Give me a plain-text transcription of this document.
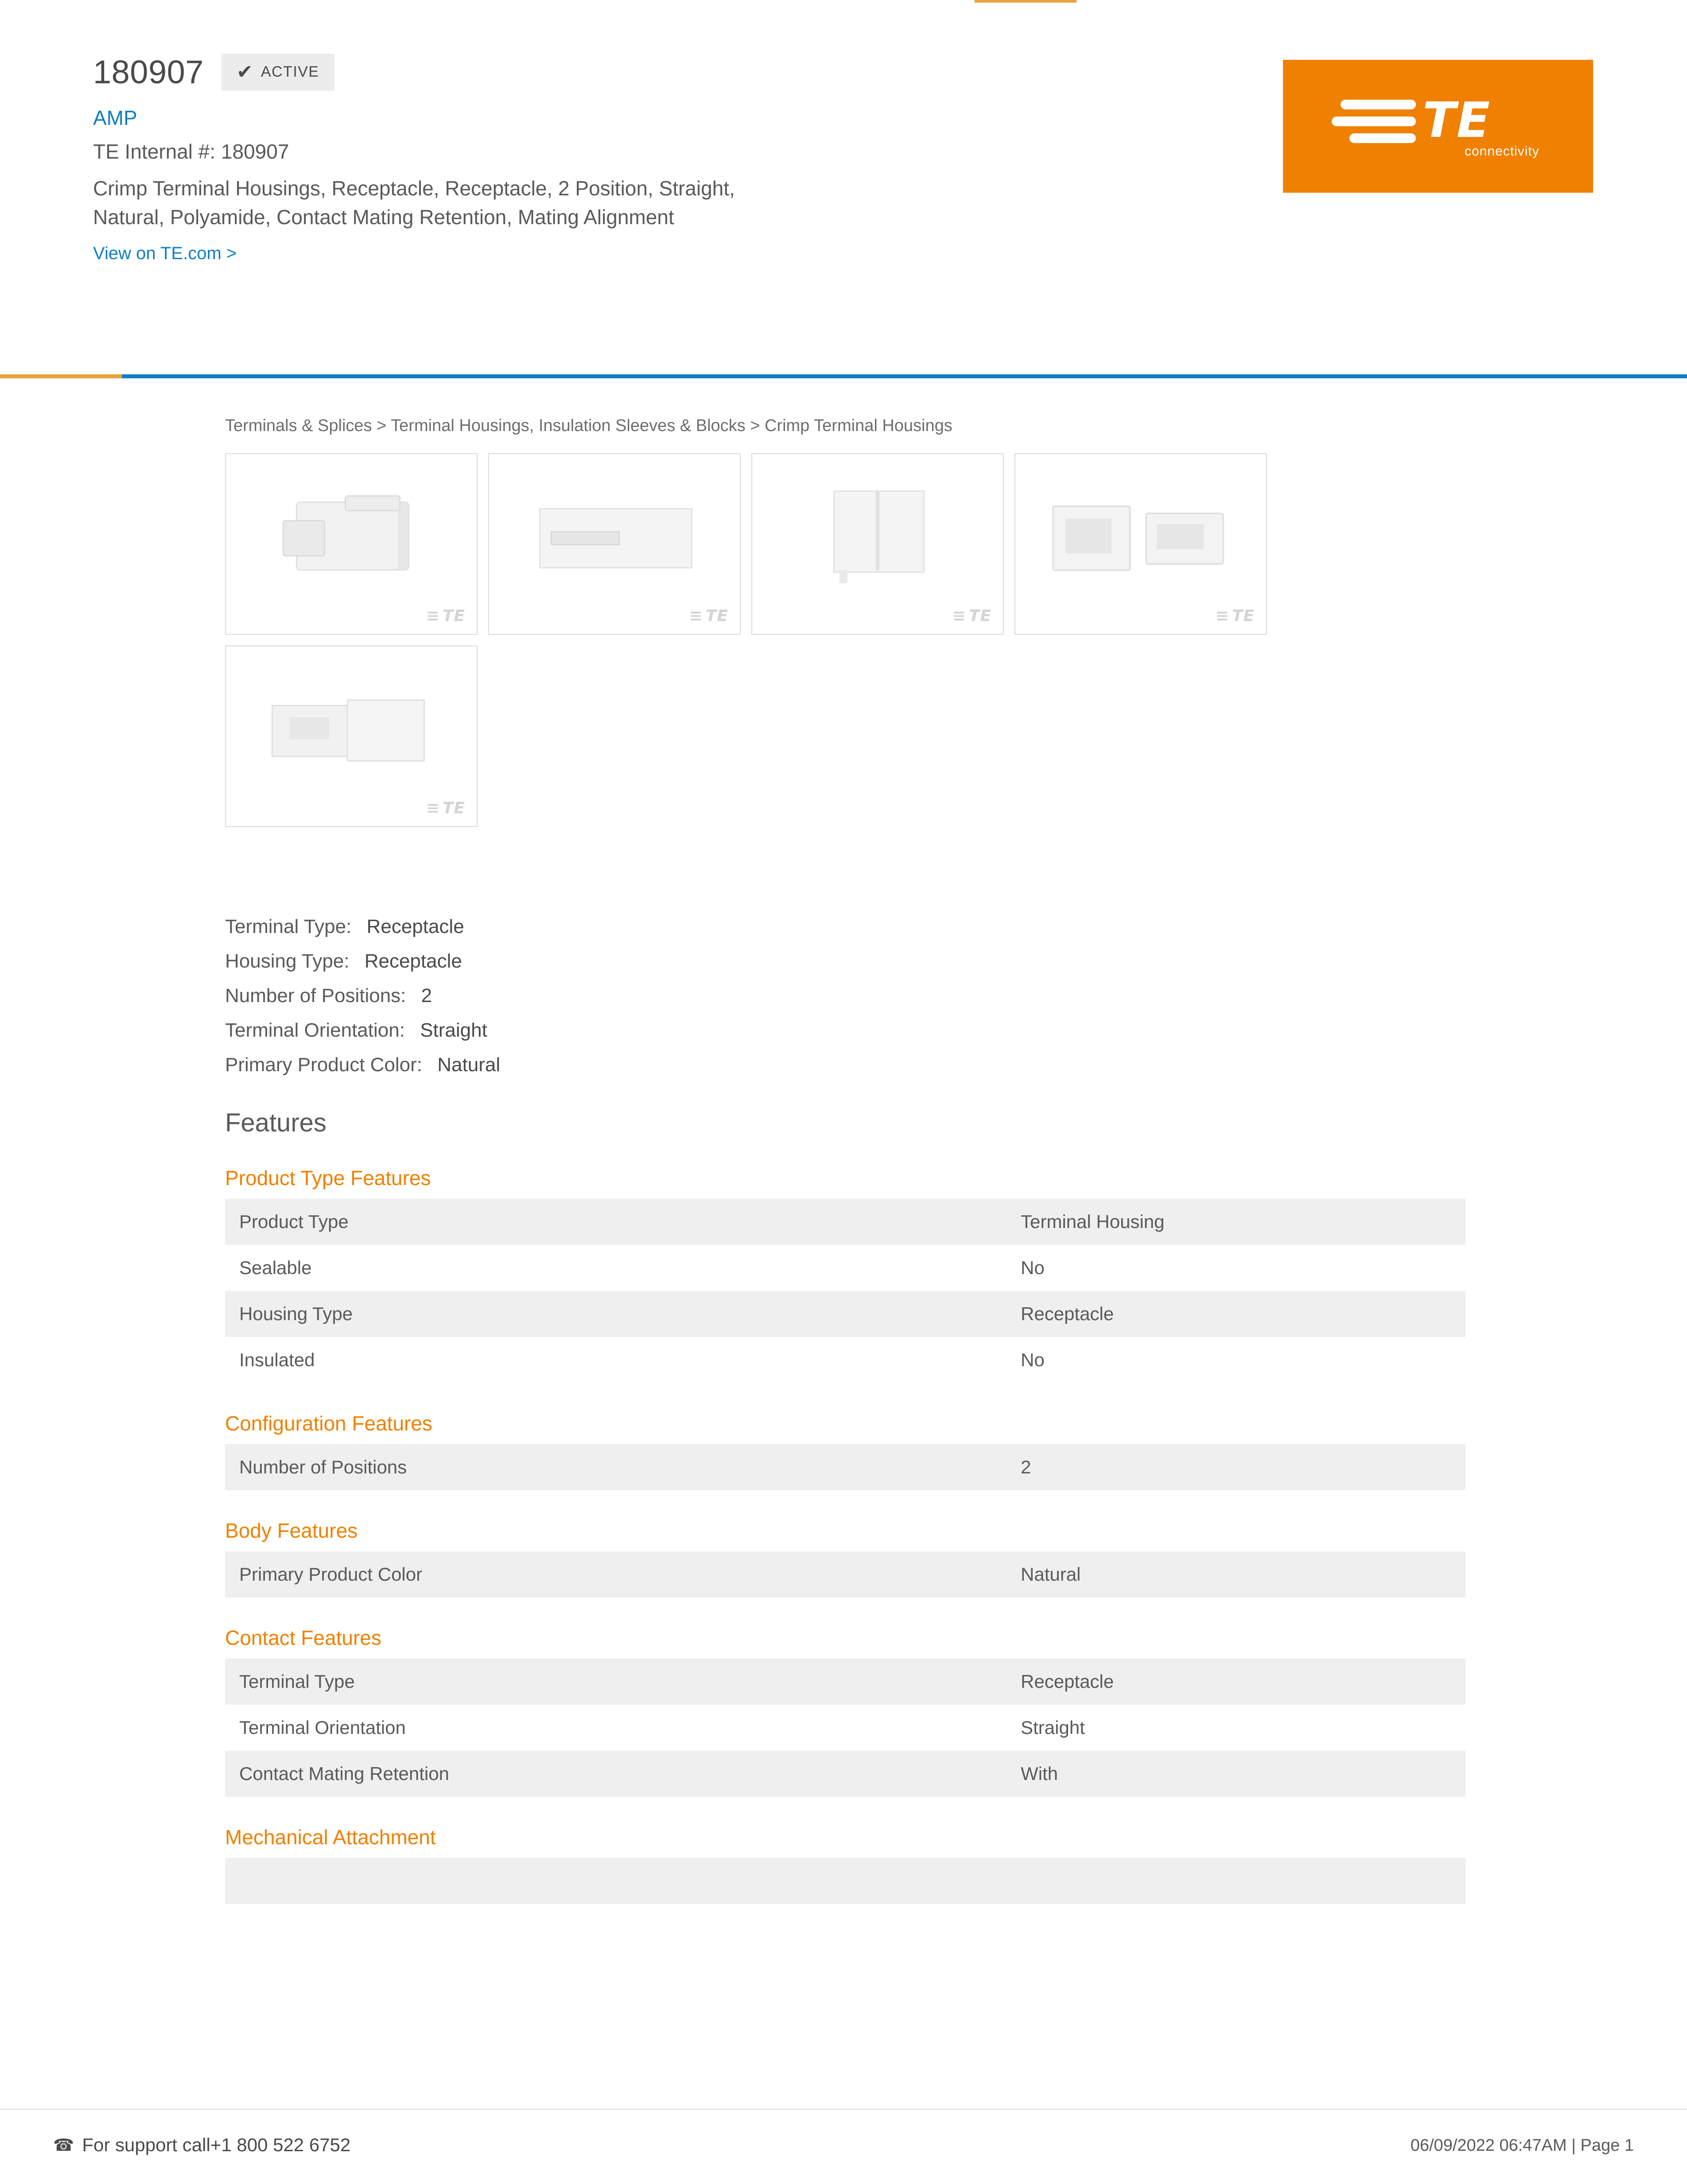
180907 ✔ ACTIVE
AMP
TE Internal #: 180907
Crimp Terminal Housings, Receptacle, Receptacle, 2 Position, Straight, Natural, Polyamide, Contact Mating Retention, Mating Alignment
View on TE.com >
TE
connectivity
Terminals & Splices > Terminal Housings, Insulation Sleeves & Blocks > Crimp Terminal Housings
≡ TE	≡ TE	≡ TE	≡ TE
≡ TE
Terminal Type: Receptacle
Housing Type: Receptacle
Number of Positions: 2
Terminal Orientation: Straight
Primary Product Color: Natural
Features
Product Type Features
Product Type	Terminal Housing
Sealable	No
Housing Type	Receptacle
Insulated	No
Configuration Features
Number of Positions	2
Body Features
Primary Product Color	Natural
Contact Features
Terminal Type	Receptacle
Terminal Orientation	Straight
Contact Mating Retention	With
Mechanical Attachment

☎ For support call+1 800 522 6752	06/09/2022 06:47AM | Page 1
